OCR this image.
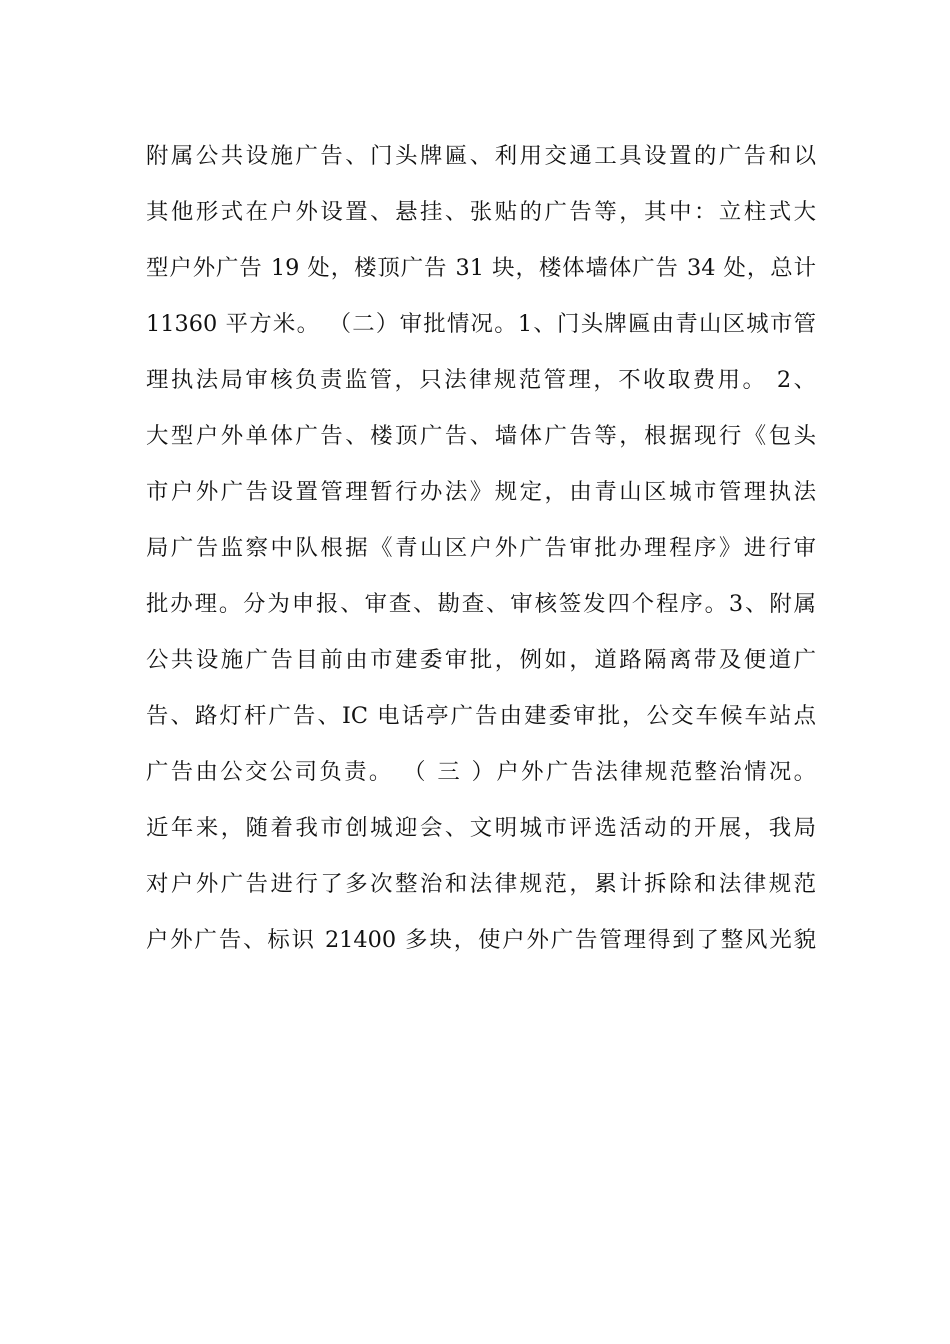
附属公共设施广告、门头牌匾、利用交通工具设置的广告和以
其他形式在户外设置、悬挂、张贴的广告等，其中：立柱式大
型户外广告 19 处，楼顶广告 31 块，楼体墙体广告 34 处，总计
11360 平方米。 （二）审批情况。1、门头牌匾由青山区城市管
理执法局审核负责监管，只法律规范管理，不收取费用。 2、
大型户外单体广告、楼顶广告、墙体广告等，根据现行《包头
市户外广告设置管理暂行办法》规定，由青山区城市管理执法
局广告监察中队根据《青山区户外广告审批办理程序》进行审
批办理。分为申报、审查、勘查、审核签发四个程序。3、附属
公共设施广告目前由市建委审批，例如，道路隔离带及便道广
告、路灯杆广告、IC 电话亭广告由建委审批，公交车候车站点
广告由公交公司负责。 （ 三 ）户外广告法律规范整治情况。
近年来，随着我市创城迎会、文明城市评选活动的开展，我局
对户外广告进行了多次整治和法律规范，累计拆除和法律规范
户外广告、标识 21400 多块，使户外广告管理得到了整风光貌
